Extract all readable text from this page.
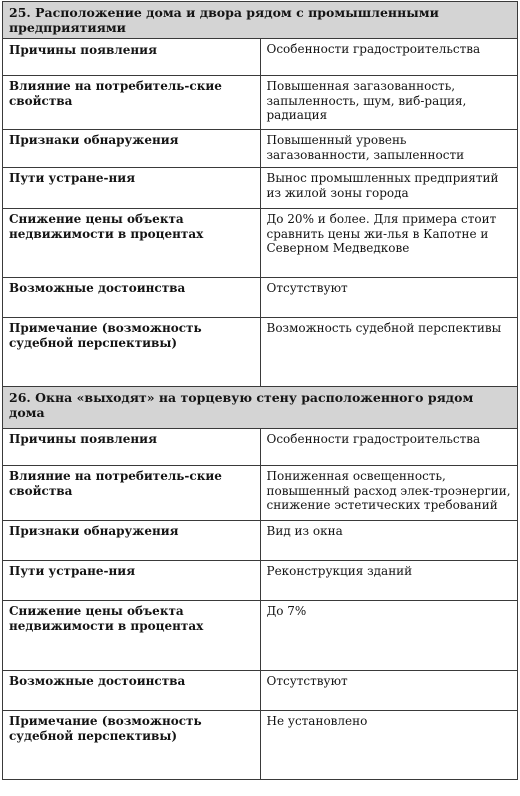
25. Расположение дома и двора рядом с промышленными предприятиями	
Причины появления	Особенности градостроительства
Влияние на потребитель-ские свойства	Повышенная загазованность, запыленность, шум, виб-рация, радиация
Признаки обнаружения	Повышенный уровень загазованности, запыленности
Пути устране-ния	Вынос промышленных предприятий из жилой зоны города
Снижение цены объекта недвижимости в процентах	До 20% и более. Для примера стоит сравнить цены жи-лья в Капотне и Северном Медведкове
Возможные достоинства	Отсутствуют
Примечание (возможность судебной перспективы)	Возможность судебной перспективы
26. Окна «выходят» на торцевую стену расположенного рядом дома	
Причины появления	Особенности градостроительства
Влияние на потребитель-ские свойства	Пониженная освещенность, повышенный расход элек-троэнергии, снижение эстетических требований
Признаки обнаружения	Вид из окна
Пути устране-ния	Реконструкция зданий
Снижение цены объекта недвижимости в процентах	До 7%
Возможные достоинства	Отсутствуют
Примечание (возможность судебной перспективы)	Не установлено
